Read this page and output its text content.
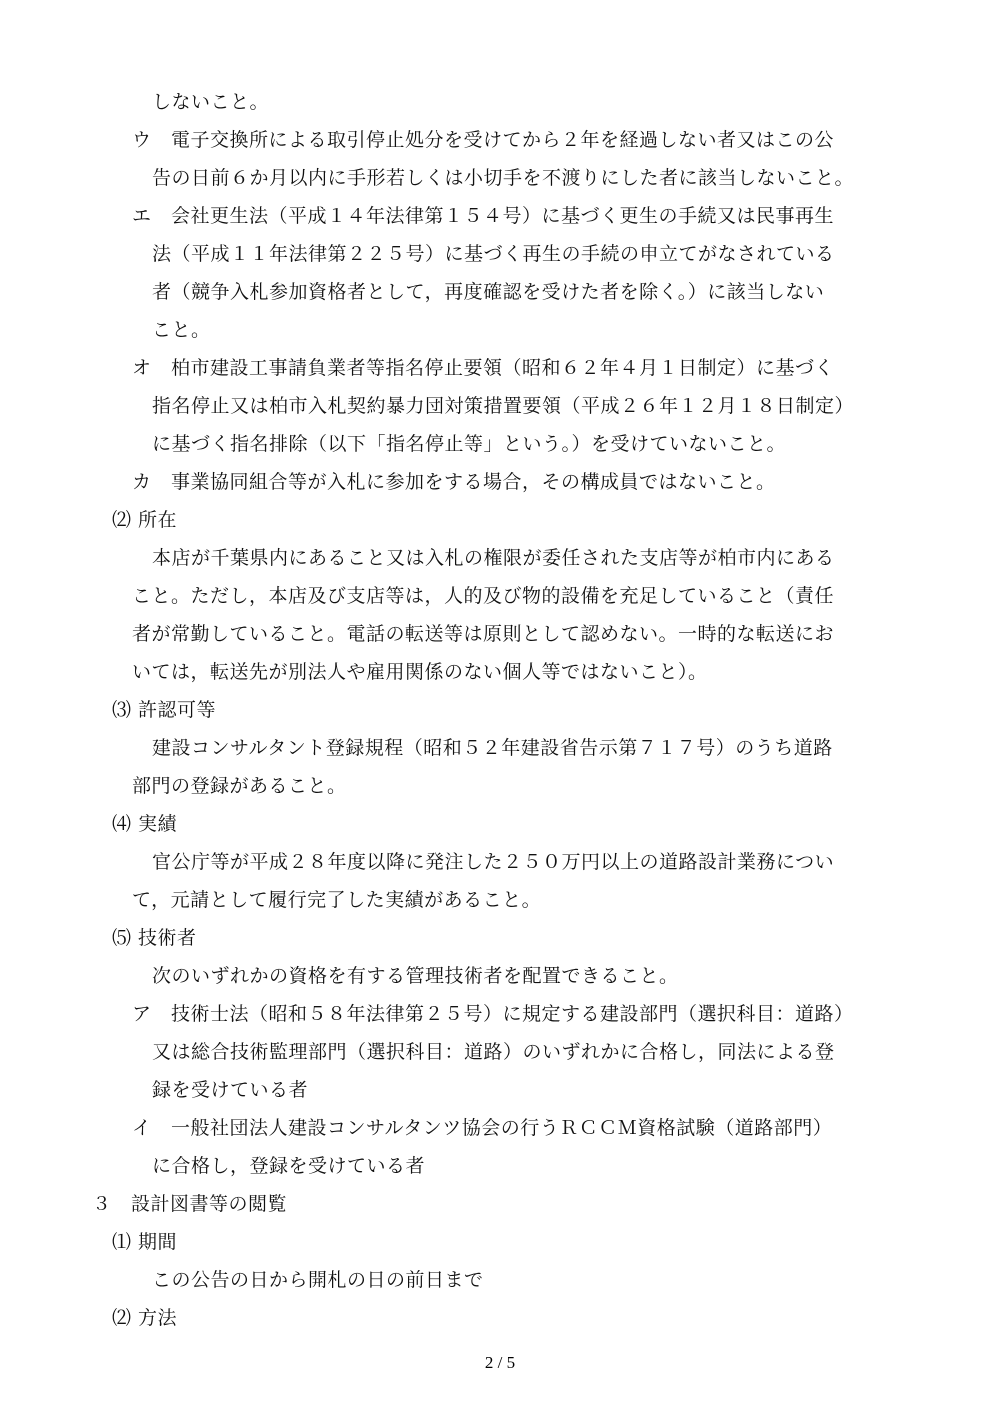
しないこと。
ウ　電子交換所による取引停止処分を受けてから２年を経過しない者又はこの公
告の日前６か月以内に手形若しくは小切手を不渡りにした者に該当しないこと。
エ　会社更生法（平成１４年法律第１５４号）に基づく更生の手続又は民事再生
法（平成１１年法律第２２５号）に基づく再生の手続の申立てがなされている
者（競争入札参加資格者として，再度確認を受けた者を除く。）に該当しない
こと。
オ　柏市建設工事請負業者等指名停止要領（昭和６２年４月１日制定）に基づく
指名停止又は柏市入札契約暴力団対策措置要領（平成２６年１２月１８日制定）
に基づく指名排除（以下「指名停止等」という。）を受けていないこと。
カ　事業協同組合等が入札に参加をする場合，その構成員ではないこと。
⑵ 所在
本店が千葉県内にあること又は入札の権限が委任された支店等が柏市内にある
こと。ただし，本店及び支店等は，人的及び物的設備を充足していること（責任
者が常勤していること。電話の転送等は原則として認めない。一時的な転送にお
いては，転送先が別法人や雇用関係のない個人等ではないこと）。
⑶ 許認可等
建設コンサルタント登録規程（昭和５２年建設省告示第７１７号）のうち道路
部門の登録があること。
⑷ 実績
官公庁等が平成２８年度以降に発注した２５０万円以上の道路設計業務につい
て，元請として履行完了した実績があること。
⑸ 技術者
次のいずれかの資格を有する管理技術者を配置できること。
ア　技術士法（昭和５８年法律第２５号）に規定する建設部門（選択科目：道路）
又は総合技術監理部門（選択科目：道路）のいずれかに合格し，同法による登
録を受けている者
イ　一般社団法人建設コンサルタンツ協会の行うＲＣＣＭ資格試験（道路部門）
に合格し，登録を受けている者
３　設計図書等の閲覧
⑴ 期間
この公告の日から開札の日の前日まで
⑵ 方法
2 / 5
